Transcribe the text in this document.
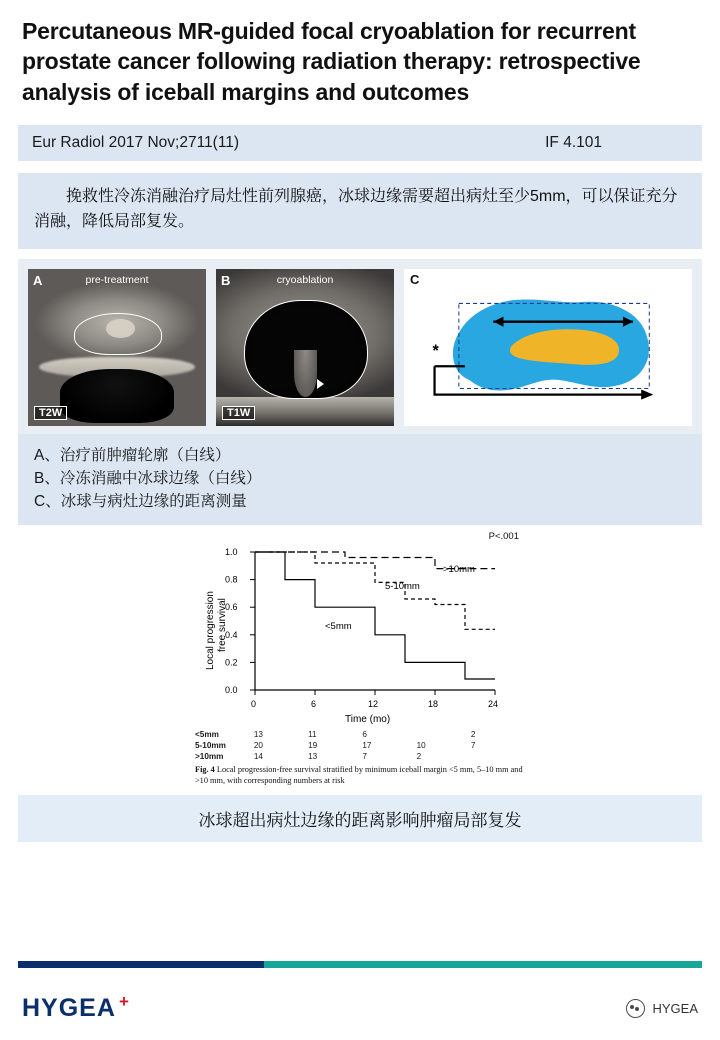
Percutaneous MR-guided focal cryoablation for recurrent prostate cancer following radiation therapy: retrospective analysis of iceball margins and outcomes
Eur Radiol 2017 Nov;2711(11)	IF 4.101
挽救性冷冻消融治疗局灶性前列腺癌，冰球边缘需要超出病灶至少5mm，可以保证充分消融，降低局部复发。
A	pre-treatment
T2W
B	cryoablation
T1W
*
C
A、治疗前肿瘤轮廓（白线）
B、冷冻消融中冰球边缘（白线）
C、冰球与病灶边缘的距离测量
P<.001
0.0
0.2
0.4
0.6
0.8
1.0
0	6	12	18	24
Time (mo)
Local progression free survival
>10mm
5-10mm
<5mm
<5mm	13	11	6		2
5-10mm	20	19	17	10	7
>10mm	14	13	7	2	
Fig. 4 Local progression-free survival stratified by minimum iceball margin <5 mm, 5–10 mm and >10 mm, with corresponding numbers at risk
冰球超出病灶边缘的距离影响肿瘤局部复发
HYGEA +	HYGEA
